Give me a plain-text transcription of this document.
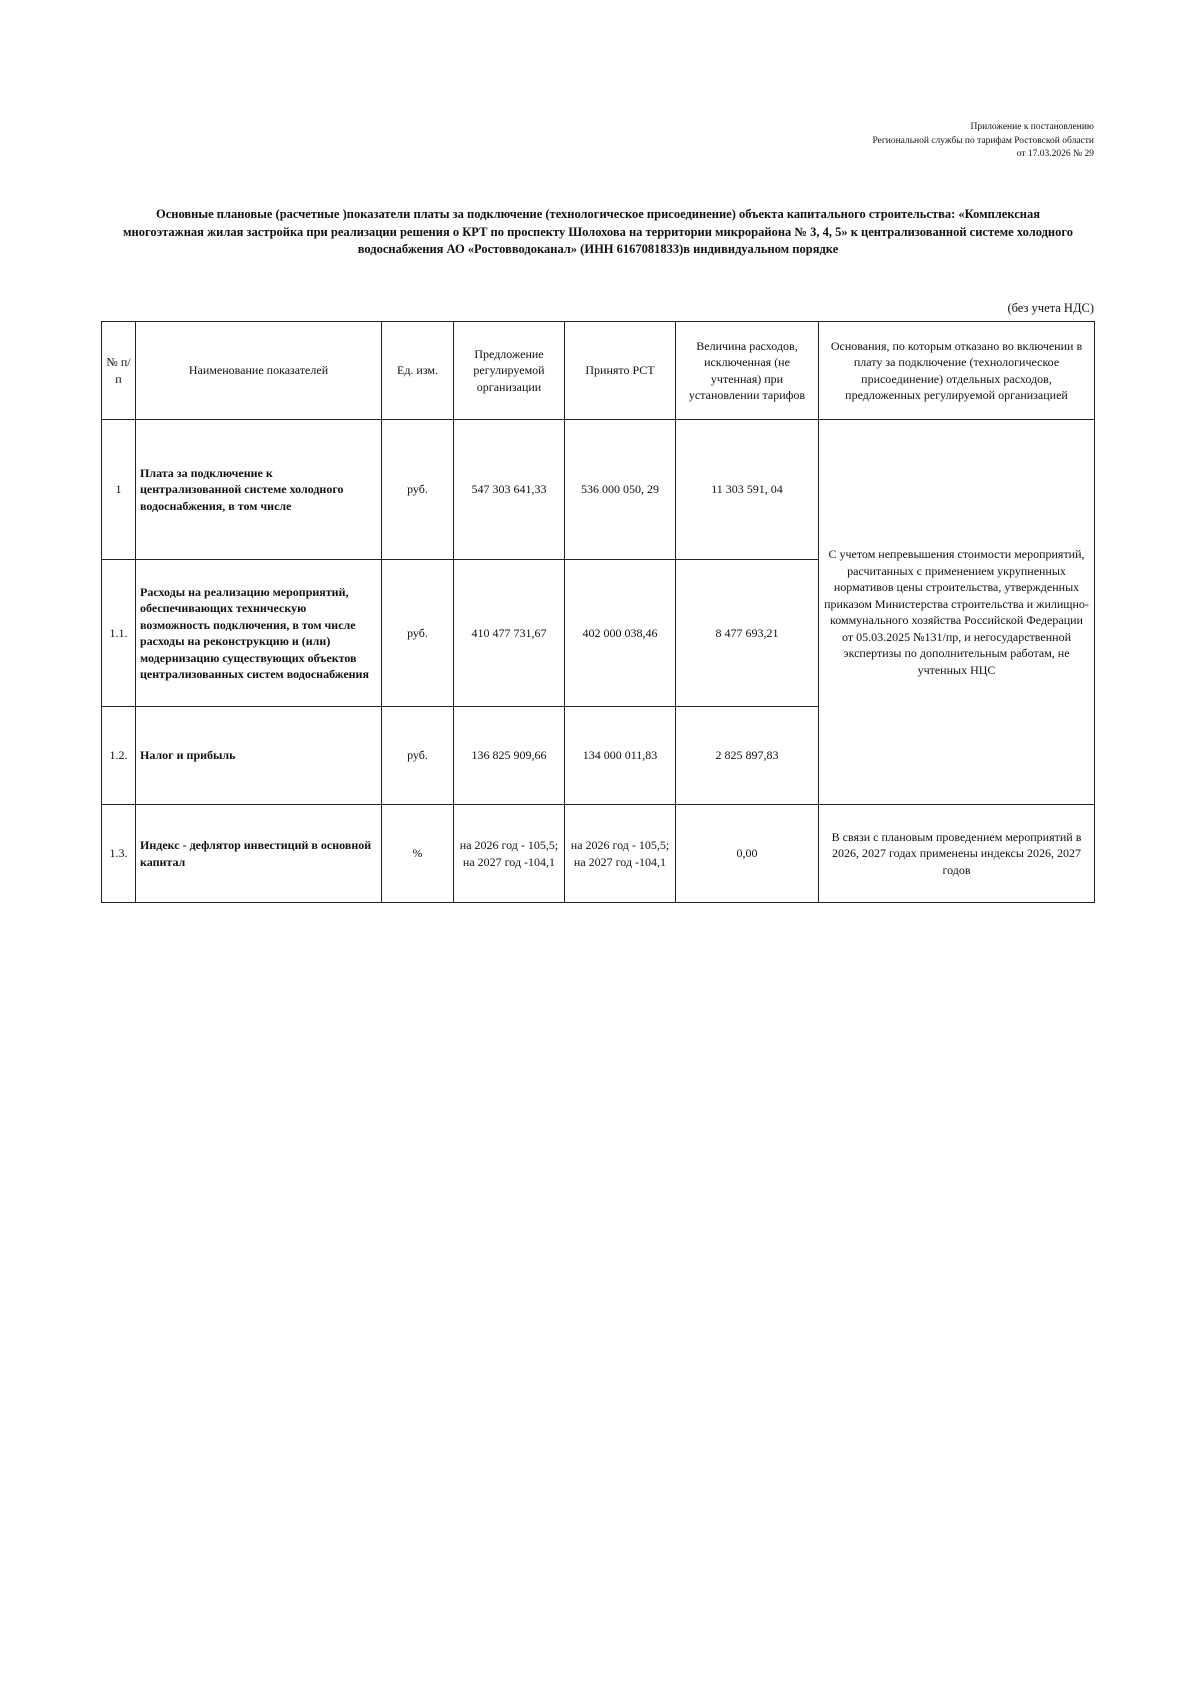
Приложение к постановлению
Региональной службы по тарифам Ростовской области
от 17.03.2026 № 29
Основные плановые (расчетные )показатели платы за подключение (технологическое присоединение) объекта капитального строительства: «Комплексная многоэтажная жилая застройка при реализации решения о КРТ по проспекту Шолохова на территории микрорайона № 3, 4, 5» к централизованной системе холодного водоснабжения АО «Ростовводоканал» (ИНН 6167081833)в индивидуальном порядке
(без учета НДС)
№ п/п	Наименование показателей	Ед. изм.	Предложение регулируемой организации	Принято РСТ	Величина расходов, исключенная (не учтенная) при установлении тарифов	Основания, по которым отказано во включении в плату за подключение (технологическое присоединение) отдельных расходов, предложенных регулируемой организацией
1	Плата за подключение к централизованной системе холодного водоснабжения, в том числе	руб.	547 303 641,33	536 000 050, 29	11 303 591, 04	С учетом непревышения стоимости мероприятий, расчитанных с применением укрупненных нормативов цены строительства, утвержденных приказом Министерства строительства и жилищно-коммунального хозяйства Российской Федерации от 05.03.2025 №131/пр, и негосударственной экспертизы по дополнительным работам, не учтенных НЦС
1.1.	Расходы на реализацию мероприятий, обеспечивающих техническую возможность подключения, в том числе расходы на реконструкцию и (или) модернизацию существующих объектов централизованных систем водоснабжения	руб.	410 477 731,67	402 000 038,46	8 477 693,21	
1.2.	Налог и прибыль	руб.	136 825 909,66	134 000 011,83	2 825 897,83	
1.3.	Индекс - дефлятор инвестиций в основной капитал	%	на 2026 год - 105,5; на 2027 год -104,1	на 2026 год - 105,5; на 2027 год -104,1	0,00	В связи с плановым проведением мероприятий в 2026, 2027 годах применены индексы 2026, 2027 годов
